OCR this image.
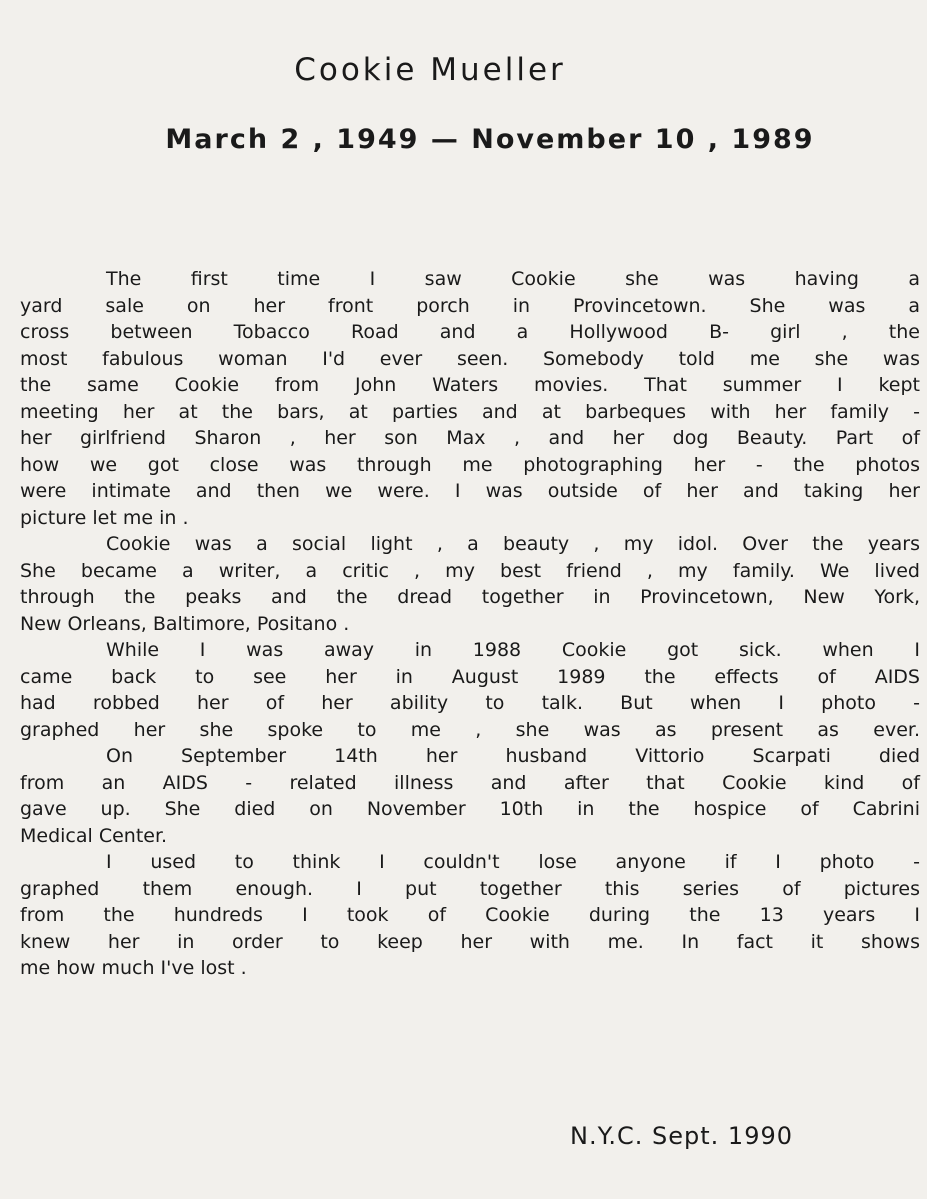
Cookie Mueller
March 2 , 1949 — November 10 , 1989
The first time I saw Cookie she was having a
yard sale on her front porch in Provincetown. She was a
cross between Tobacco Road and a Hollywood B- girl , the
most fabulous woman I'd ever seen. Somebody told me she was
the same Cookie from John Waters movies. That summer I kept
meeting her at the bars, at parties and at barbeques with her family -
her girlfriend Sharon , her son Max , and her dog Beauty. Part of
how we got close was through me photographing her - the photos
were intimate and then we were. I was outside of her and taking her
picture let me in .
Cookie was a social light , a beauty , my idol. Over the years
She became a writer, a critic , my best friend , my family. We lived
through the peaks and the dread together in Provincetown, New York,
New Orleans, Baltimore, Positano .
While I was away in 1988 Cookie got sick. when I
came back to see her in August 1989 the effects of AIDS
had robbed her of her ability to talk. But when I photo -
graphed her she spoke to me , she was as present as ever.
On September 14th her husband Vittorio Scarpati died
from an AIDS - related illness and after that Cookie kind of
gave up. She died on November 10th in the hospice of Cabrini
Medical Center.
I used to think I couldn't lose anyone if I photo -
graphed them enough. I put together this series of pictures
from the hundreds I took of Cookie during the 13 years I
knew her in order to keep her with me. In fact it shows
me how much I've lost .
N.Y.C. Sept. 1990
